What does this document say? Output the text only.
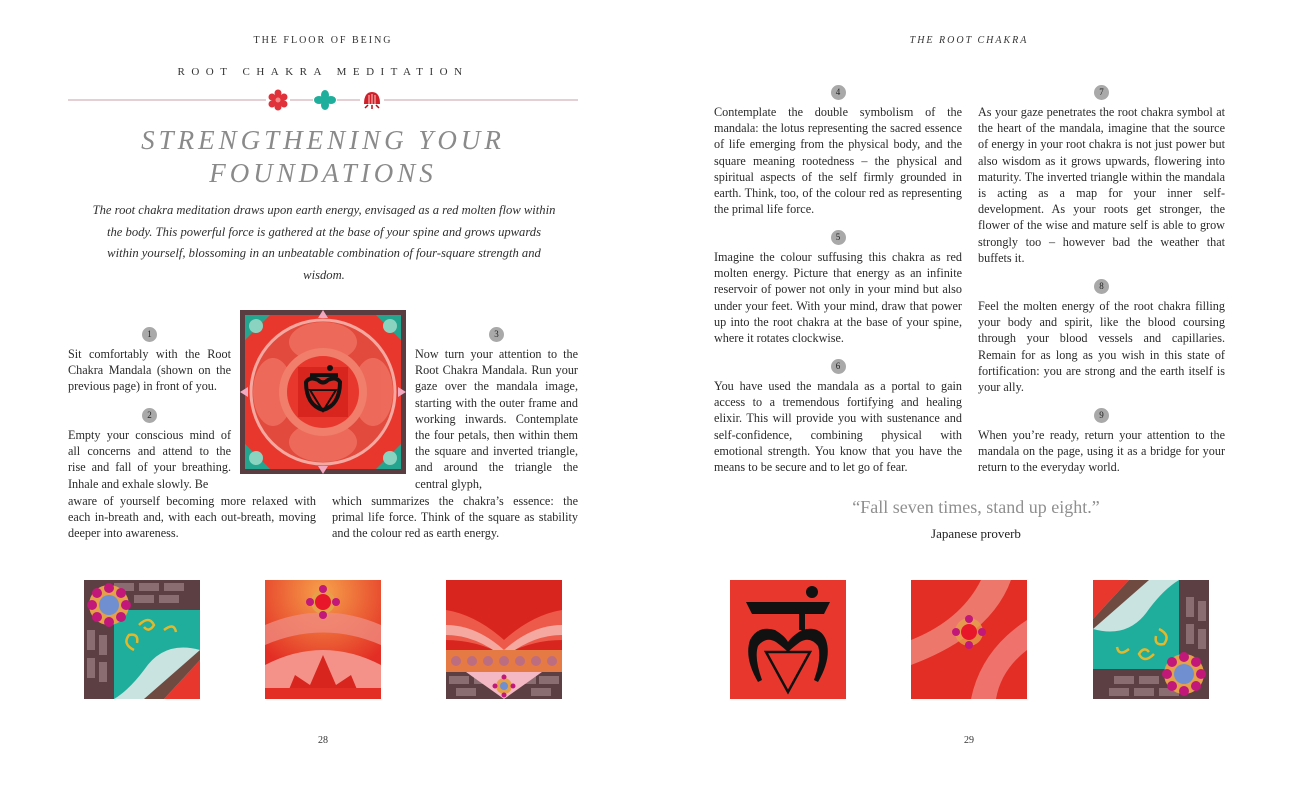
THE FLOOR OF BEING
ROOT CHAKRA MEDITATION
STRENGTHENING YOUR
FOUNDATIONS
The root chakra meditation draws upon earth energy, envisaged as a red molten flow within the body. This powerful force is gathered at the base of your spine and grows upwards within yourself, blossoming in an unbeatable combination of four-square strength and wisdom.
1
Sit comfortably with the Root Chakra Mandala (shown on the previous page) in front of you.
2
Empty your conscious mind of all concerns and attend to the rise and fall of your breathing. Inhale and exhale slowly. Be
aware of yourself becoming more relaxed with each in-breath and, with each out-breath, moving deeper into awareness.
3
Now turn your attention to the Root Chakra Mandala. Run your gaze over the mandala image, starting with the outer frame and working inwards. Contemplate the four petals, then within them the square and inverted triangle, and around the triangle the central glyph,
which summarizes the chakra’s essence: the primal life force. Think of the square as stability and the colour red as earth energy.
28
THE ROOT CHAKRA
4
Contemplate the double symbolism of the mandala: the lotus representing the sacred essence of life emerging from the physical body, and the square meaning rootedness – the physical and spiritual aspects of the self firmly grounded in earth. Think, too, of the colour red as representing the primal life force.
5
Imagine the colour suffusing this chakra as red molten energy. Picture that energy as an infinite reservoir of power not only in your mind but also under your feet. With your mind, draw that power up into the root chakra at the base of your spine, where it rotates clockwise.
6
You have used the mandala as a portal to gain access to a tremendous fortifying and healing elixir. This will provide you with sustenance and self-confidence, combining physical with emotional strength. You know that you have the means to be secure and to let go of fear.
7
As your gaze penetrates the root chakra symbol at the heart of the mandala, imagine that the source of energy in your root chakra is not just power but also wisdom as it grows upwards, flowering into maturity. The inverted triangle within the mandala is acting as a map for your inner self-development. As your roots get stronger, the flower of the wise and mature self is able to grow strongly too – however bad the weather that buffets it.
8
Feel the molten energy of the root chakra filling your body and spirit, like the blood coursing through your blood vessels and capillaries. Remain for as long as you wish in this state of fortification: you are strong and the earth itself is your ally.
9
When you’re ready, return your attention to the mandala on the page, using it as a bridge for your return to the everyday world.
“Fall seven times, stand up eight.”
Japanese proverb
29
